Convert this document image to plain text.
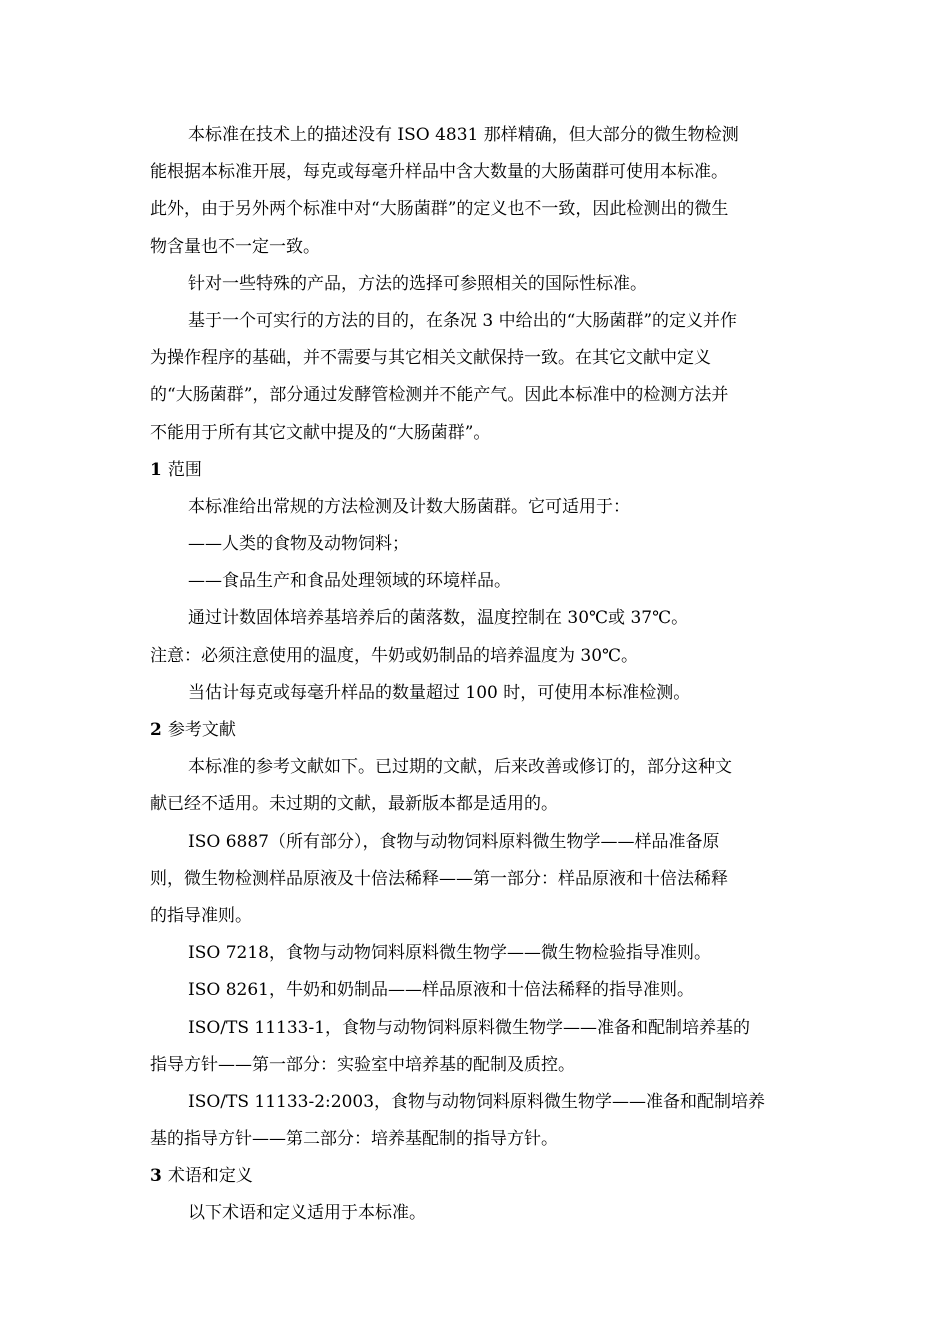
本标准在技术上的描述没有 ISO 4831 那样精确，但大部分的微生物检测
能根据本标准开展，每克或每毫升样品中含大数量的大肠菌群可使用本标准。
此外，由于另外两个标准中对“大肠菌群”的定义也不一致，因此检测出的微生
物含量也不一定一致。
针对一些特殊的产品，方法的选择可参照相关的国际性标准。
基于一个可实行的方法的目的，在条况 3 中给出的“大肠菌群”的定义并作
为操作程序的基础，并不需要与其它相关文献保持一致。在其它文献中定义
的“大肠菌群”，部分通过发酵管检测并不能产气。因此本标准中的检测方法并
不能用于所有其它文献中提及的“大肠菌群”。
1 范围
本标准给出常规的方法检测及计数大肠菌群。它可适用于：
——人类的食物及动物饲料；
——食品生产和食品处理领域的环境样品。
通过计数固体培养基培养后的菌落数，温度控制在 30℃或 37℃。
注意：必须注意使用的温度，牛奶或奶制品的培养温度为 30℃。
当估计每克或每毫升样品的数量超过 100 时，可使用本标准检测。
2 参考文献
本标准的参考文献如下。已过期的文献，后来改善或修订的，部分这种文
献已经不适用。未过期的文献，最新版本都是适用的。
ISO 6887（所有部分），食物与动物饲料原料微生物学——样品准备原
则，微生物检测样品原液及十倍法稀释——第一部分：样品原液和十倍法稀释
的指导准则。
ISO 7218，食物与动物饲料原料微生物学——微生物检验指导准则。
ISO 8261，牛奶和奶制品——样品原液和十倍法稀释的指导准则。
ISO/TS 11133-1，食物与动物饲料原料微生物学——准备和配制培养基的
指导方针——第一部分：实验室中培养基的配制及质控。
ISO/TS 11133-2:2003，食物与动物饲料原料微生物学——准备和配制培养
基的指导方针——第二部分：培养基配制的指导方针。
3 术语和定义
以下术语和定义适用于本标准。
